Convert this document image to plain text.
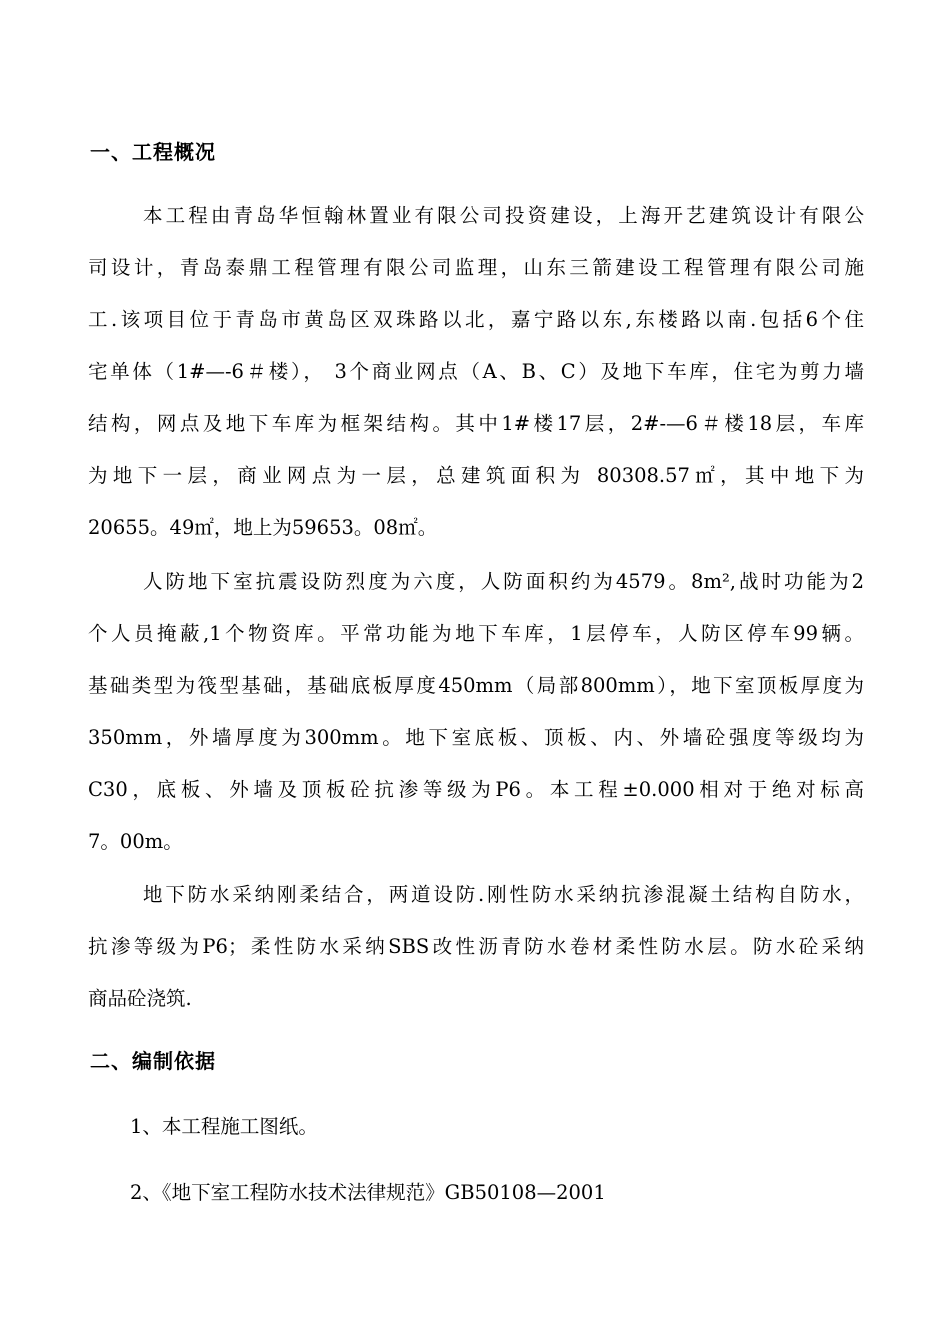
一、工程概况
本工程由青岛华恒翰林置业有限公司投资建设，上海开艺建筑设计有限公
司设计，青岛泰鼎工程管理有限公司监理，山东三箭建设工程管理有限公司施
工.该项目位于青岛市黄岛区双珠路以北，嘉宁路以东,东楼路以南.包括6个住
宅单体（1#—-6＃楼）， 3个商业网点（A、B、C）及地下车库，住宅为剪力墙
结构，网点及地下车库为框架结构。其中1#楼17层，2#-—6＃楼18层，车库
为地下一层，商业网点为一层，总建筑面积为 80308.57㎡，其中地下为
20655。49㎡，地上为59653。08㎡。
人防地下室抗震设防烈度为六度，人防面积约为4579。8m²,战时功能为2
个人员掩蔽,1个物资库。平常功能为地下车库，1层停车，人防区停车99辆。
基础类型为筏型基础，基础底板厚度450mm（局部800mm），地下室顶板厚度为
350mm，外墙厚度为300mm。地下室底板、顶板、内、外墙砼强度等级均为
C30，底板、外墙及顶板砼抗渗等级为P6。本工程±0.000相对于绝对标高
7。00m。
地下防水采纳刚柔结合，两道设防.刚性防水采纳抗渗混凝土结构自防水，
抗渗等级为P6；柔性防水采纳SBS改性沥青防水卷材柔性防水层。防水砼采纳
商品砼浇筑.
二、编制依据
1、本工程施工图纸。
2、《地下室工程防水技术法律规范》GB50108—2001
